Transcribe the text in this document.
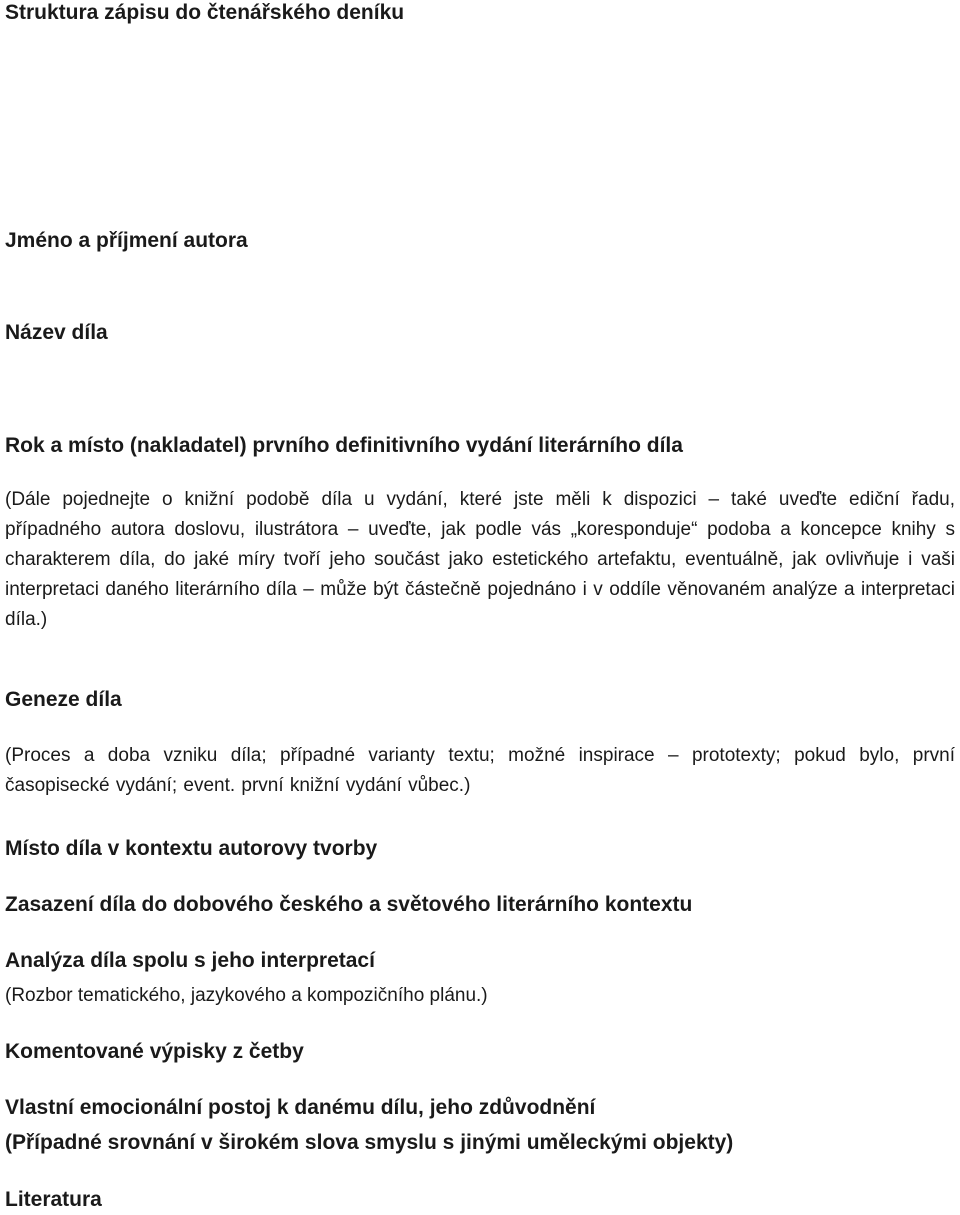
Struktura zápisu do čtenářského deníku

Jméno a příjmení autora

Název díla

Rok a místo (nakladatel) prvního definitivního vydání literárního díla

(Dále pojednejte o knižní podobě díla u vydání, které jste měli k dispozici – také uveďte ediční řadu, případného autora doslovu, ilustrátora – uveďte, jak podle vás „koresponduje“ podoba a koncepce knihy s charakterem díla, do jaké míry tvoří jeho součást jako estetického artefaktu, eventuálně, jak ovlivňuje i vaši interpretaci daného literárního díla – může být částečně pojednáno i v oddíle věnovaném analýze a interpretaci díla.)

Geneze díla

(Proces a doba vzniku díla; případné varianty textu; možné inspirace – prototexty; pokud bylo, první časopisecké vydání; event. první knižní vydání vůbec.)

Místo díla v kontextu autorovy tvorby

Zasazení díla do dobového českého a světového literárního kontextu

Analýza díla spolu s jeho interpretací

(Rozbor tematického, jazykového a kompozičního plánu.)

Komentované výpisky z četby

Vlastní emocionální postoj k danému dílu, jeho zdůvodnění

(Případné srovnání v širokém slova smyslu s jinými uměleckými objekty)

Literatura
